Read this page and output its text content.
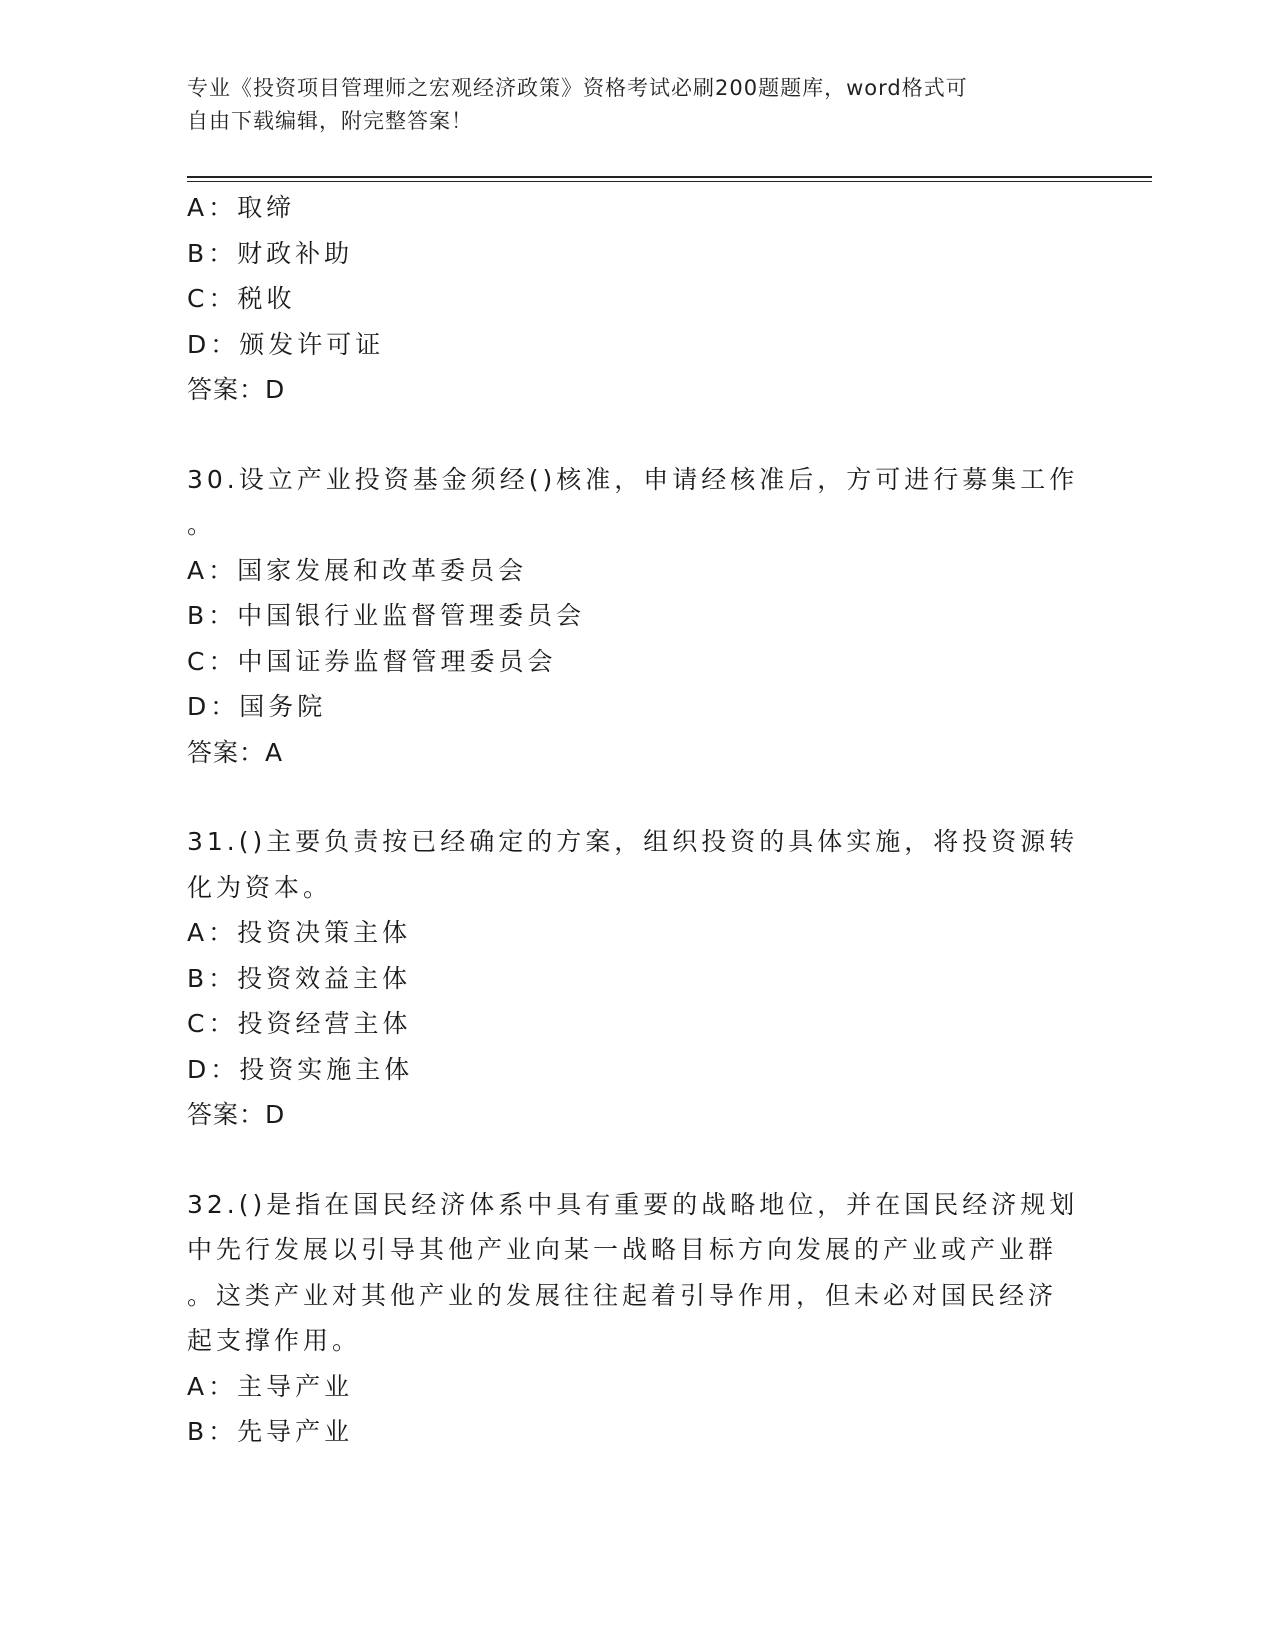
专业《投资项目管理师之宏观经济政策》资格考试必刷200题题库，word格式可
自由下载编辑，附完整答案！
A：取缔
B：财政补助
C：税收
D：颁发许可证
答案：D
30.设立产业投资基金须经()核准，申请经核准后，方可进行募集工作
。
A：国家发展和改革委员会
B：中国银行业监督管理委员会
C：中国证券监督管理委员会
D：国务院
答案：A
31.()主要负责按已经确定的方案，组织投资的具体实施，将投资源转
化为资本。
A：投资决策主体
B：投资效益主体
C：投资经营主体
D：投资实施主体
答案：D
32.()是指在国民经济体系中具有重要的战略地位，并在国民经济规划
中先行发展以引导其他产业向某一战略目标方向发展的产业或产业群
。这类产业对其他产业的发展往往起着引导作用，但未必对国民经济
起支撑作用。
A：主导产业
B：先导产业
